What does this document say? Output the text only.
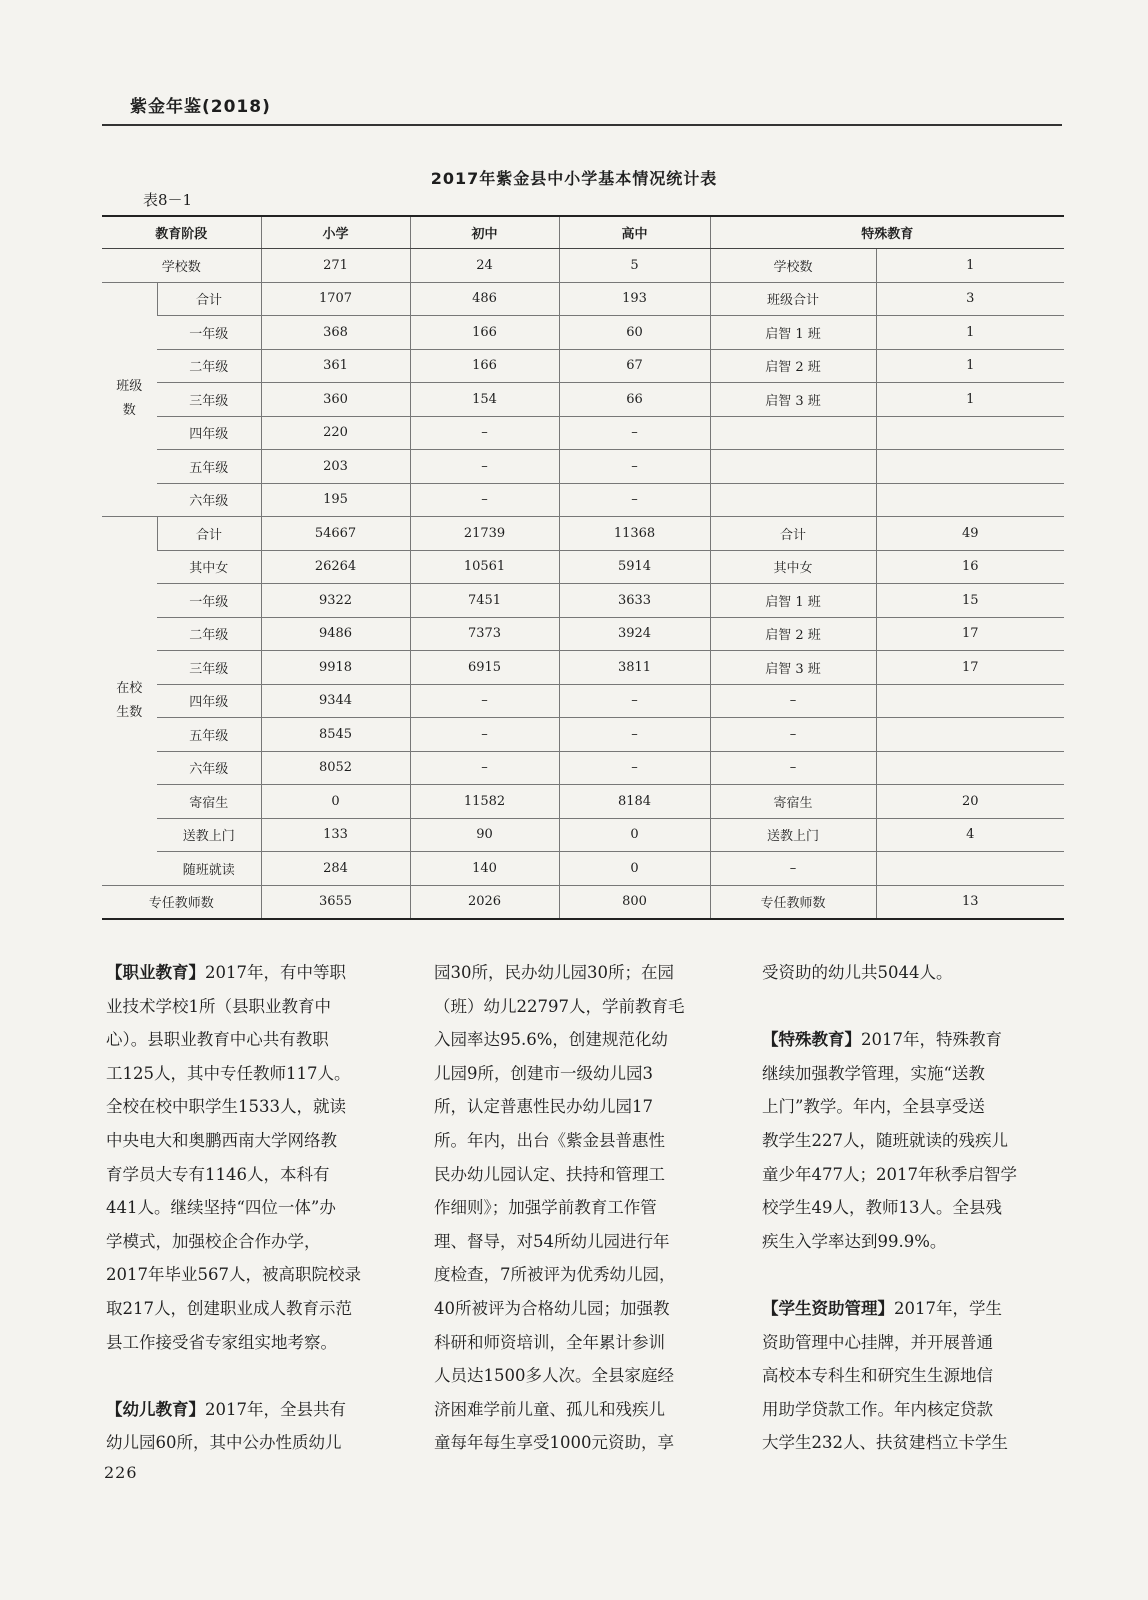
紫金年鉴(2018)
2017年紫金县中小学基本情况统计表
表8－1
教育阶段		小学	初中	高中	特殊教育	
学校数		271	24	5	学校数	1
班级数	合计	1707	486	193	班级合计	3
	一年级	368	166	60	启智 1 班	1
	二年级	361	166	67	启智 2 班	1
	三年级	360	154	66	启智 3 班	1
	四年级	220	–	–		
	五年级	203	–	–		
	六年级	195	–	–		
在校生数	合计	54667	21739	11368	合计	49
	其中女	26264	10561	5914	其中女	16
	一年级	9322	7451	3633	启智 1 班	15
	二年级	9486	7373	3924	启智 2 班	17
	三年级	9918	6915	3811	启智 3 班	17
	四年级	9344	–	–	–	
	五年级	8545	–	–	–	
	六年级	8052	–	–	–	
	寄宿生	0	11582	8184	寄宿生	20
	送教上门	133	90	0	送教上门	4
	随班就读	284	140	0	–	
专任教师数		3655	2026	800	专任教师数	13

【职业教育】2017年，有中等职
业技术学校1所（县职业教育中
心）。县职业教育中心共有教职
工125人，其中专任教师117人。
全校在校中职学生1533人，就读
中央电大和奥鹏西南大学网络教
育学员大专有1146人，本科有
441人。继续坚持“四位一体”办
学模式，加强校企合作办学，
2017年毕业567人，被高职院校录
取217人，创建职业成人教育示范
县工作接受省专家组实地考察。

【幼儿教育】2017年，全县共有
幼儿园60所，其中公办性质幼儿

园30所，民办幼儿园30所；在园
（班）幼儿22797人，学前教育毛
入园率达95.6%，创建规范化幼
儿园9所，创建市一级幼儿园3
所，认定普惠性民办幼儿园17
所。年内，出台《紫金县普惠性
民办幼儿园认定、扶持和管理工
作细则》；加强学前教育工作管
理、督导，对54所幼儿园进行年
度检查，7所被评为优秀幼儿园，
40所被评为合格幼儿园；加强教
科研和师资培训，全年累计参训
人员达1500多人次。全县家庭经
济困难学前儿童、孤儿和残疾儿
童每年每生享受1000元资助，享

受资助的幼儿共5044人。

【特殊教育】2017年，特殊教育
继续加强教学管理，实施“送教
上门”教学。年内，全县享受送
教学生227人，随班就读的残疾儿
童少年477人；2017年秋季启智学
校学生49人，教师13人。全县残
疾生入学率达到99.9%。

【学生资助管理】2017年，学生
资助管理中心挂牌，并开展普通
高校本专科生和研究生生源地信
用助学贷款工作。年内核定贷款
大学生232人、扶贫建档立卡学生

226
